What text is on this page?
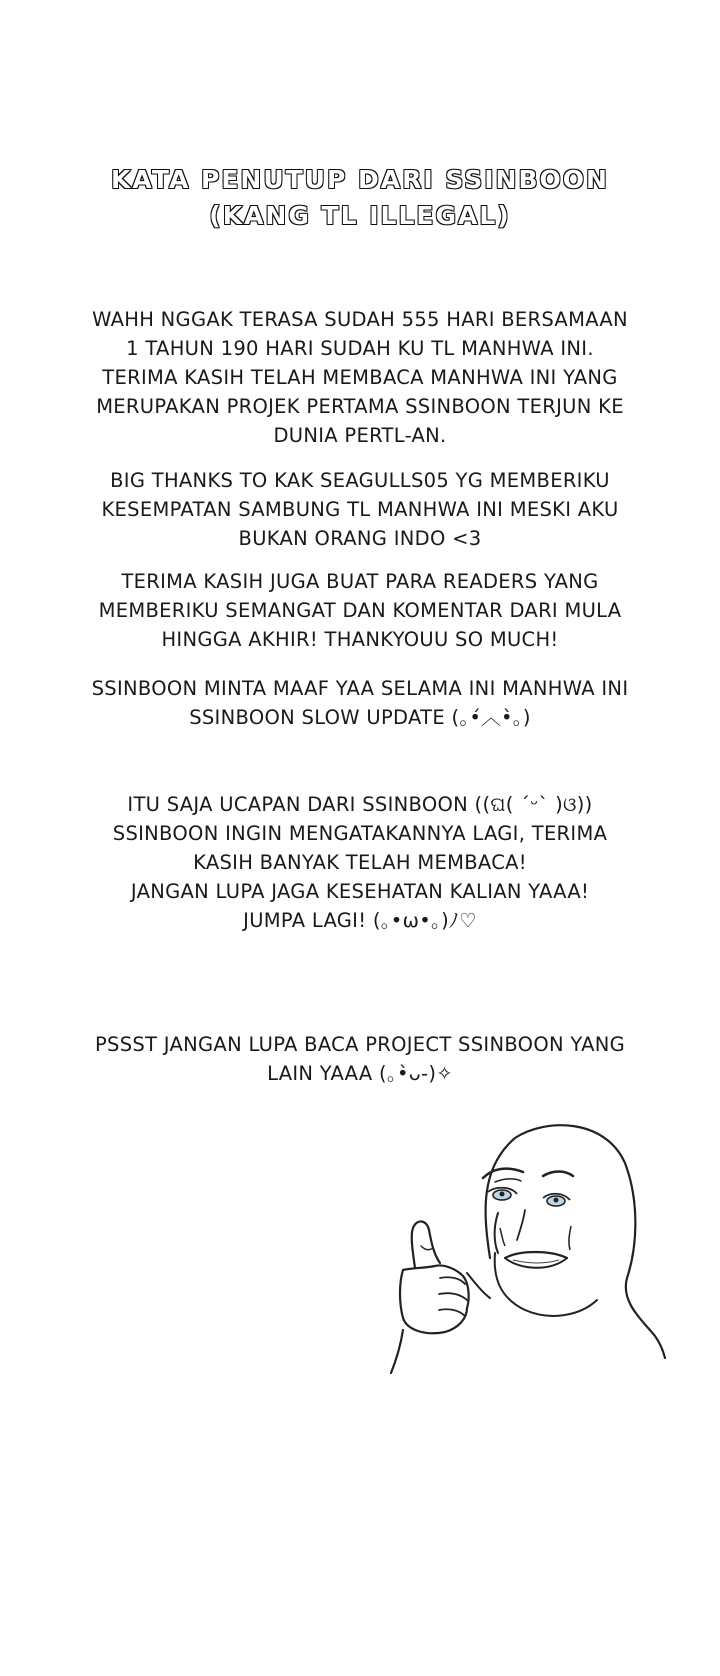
KATA PENUTUP DARI SSINBOON
(KANG TL ILLEGAL)
WAHH NGGAK TERASA SUDAH 555 HARI BERSAMAAN
1 TAHUN 190 HARI SUDAH KU TL MANHWA INI.
TERIMA KASIH TELAH MEMBACA MANHWA INI YANG
MERUPAKAN PROJEK PERTAMA SSINBOON TERJUN KE
DUNIA PERTL-AN.
BIG THANKS TO KAK SEAGULLS05 YG MEMBERIKU
KESEMPATAN SAMBUNG TL MANHWA INI MESKI AKU
BUKAN ORANG INDO <3
TERIMA KASIH JUGA BUAT PARA READERS YANG
MEMBERIKU SEMANGAT DAN KOMENTAR DARI MULA
HINGGA AKHIR! THANKYOUU SO MUCH!
SSINBOON MINTA MAAF YAA SELAMA INI MANHWA INI
SSINBOON SLOW UPDATE (｡•́︿•̀｡)
ITU SAJA UCAPAN DARI SSINBOON ((ଘ( ˊᵕˋ )ଓ))
SSINBOON INGIN MENGATAKANNYA LAGI, TERIMA
KASIH BANYAK TELAH MEMBACA!
JANGAN LUPA JAGA KESEHATAN KALIAN YAAA!
JUMPA LAGI! (｡•ω•｡)ﾉ♡
PSSST JANGAN LUPA BACA PROJECT SSINBOON YANG
LAIN YAAA (｡•̀ᴗ-)✧
